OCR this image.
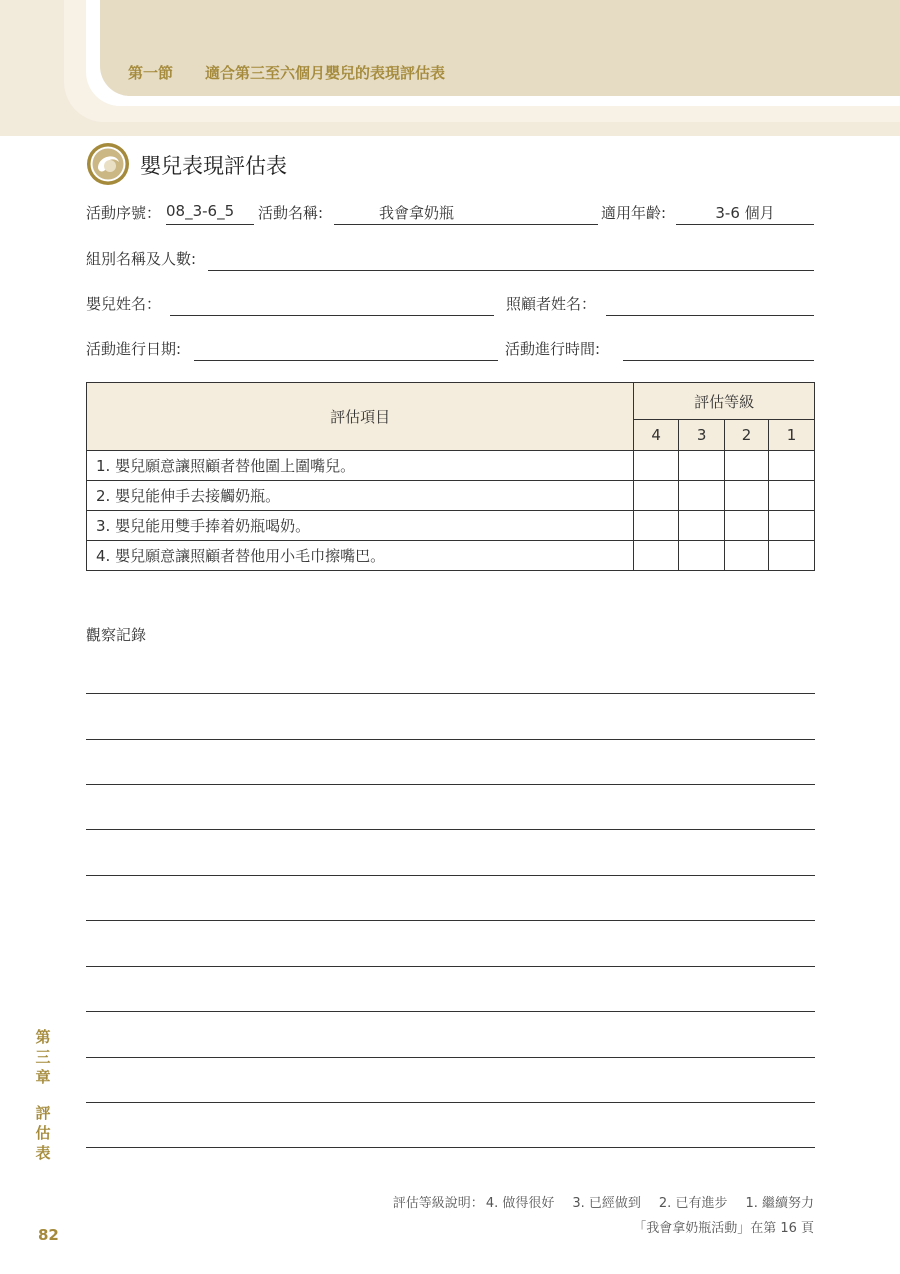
第一節 適合第三至六個月嬰兒的表現評估表
嬰兒表現評估表
活動序號： 08_3-6_5	活動名稱:	我會拿奶瓶	適用年齡:	3-6 個月
組別名稱及人數:
嬰兒姓名：	照顧者姓名：
活動進行日期:	活動進行時間:
評估項目	評估等級			
	4	3	2	1
1. 嬰兒願意讓照顧者替他圍上圍嘴兒。				
2. 嬰兒能伸手去接觸奶瓶。				
3. 嬰兒能用雙手捧着奶瓶喝奶。				
4. 嬰兒願意讓照顧者替他用小毛巾擦嘴巴。				
觀察記錄
評估等級說明： 4. 做得很好 3. 已經做到 2. 已有進步 1. 繼續努力
「我會拿奶瓶活動」在第 16 頁
第
三
章
評
估
表
82
